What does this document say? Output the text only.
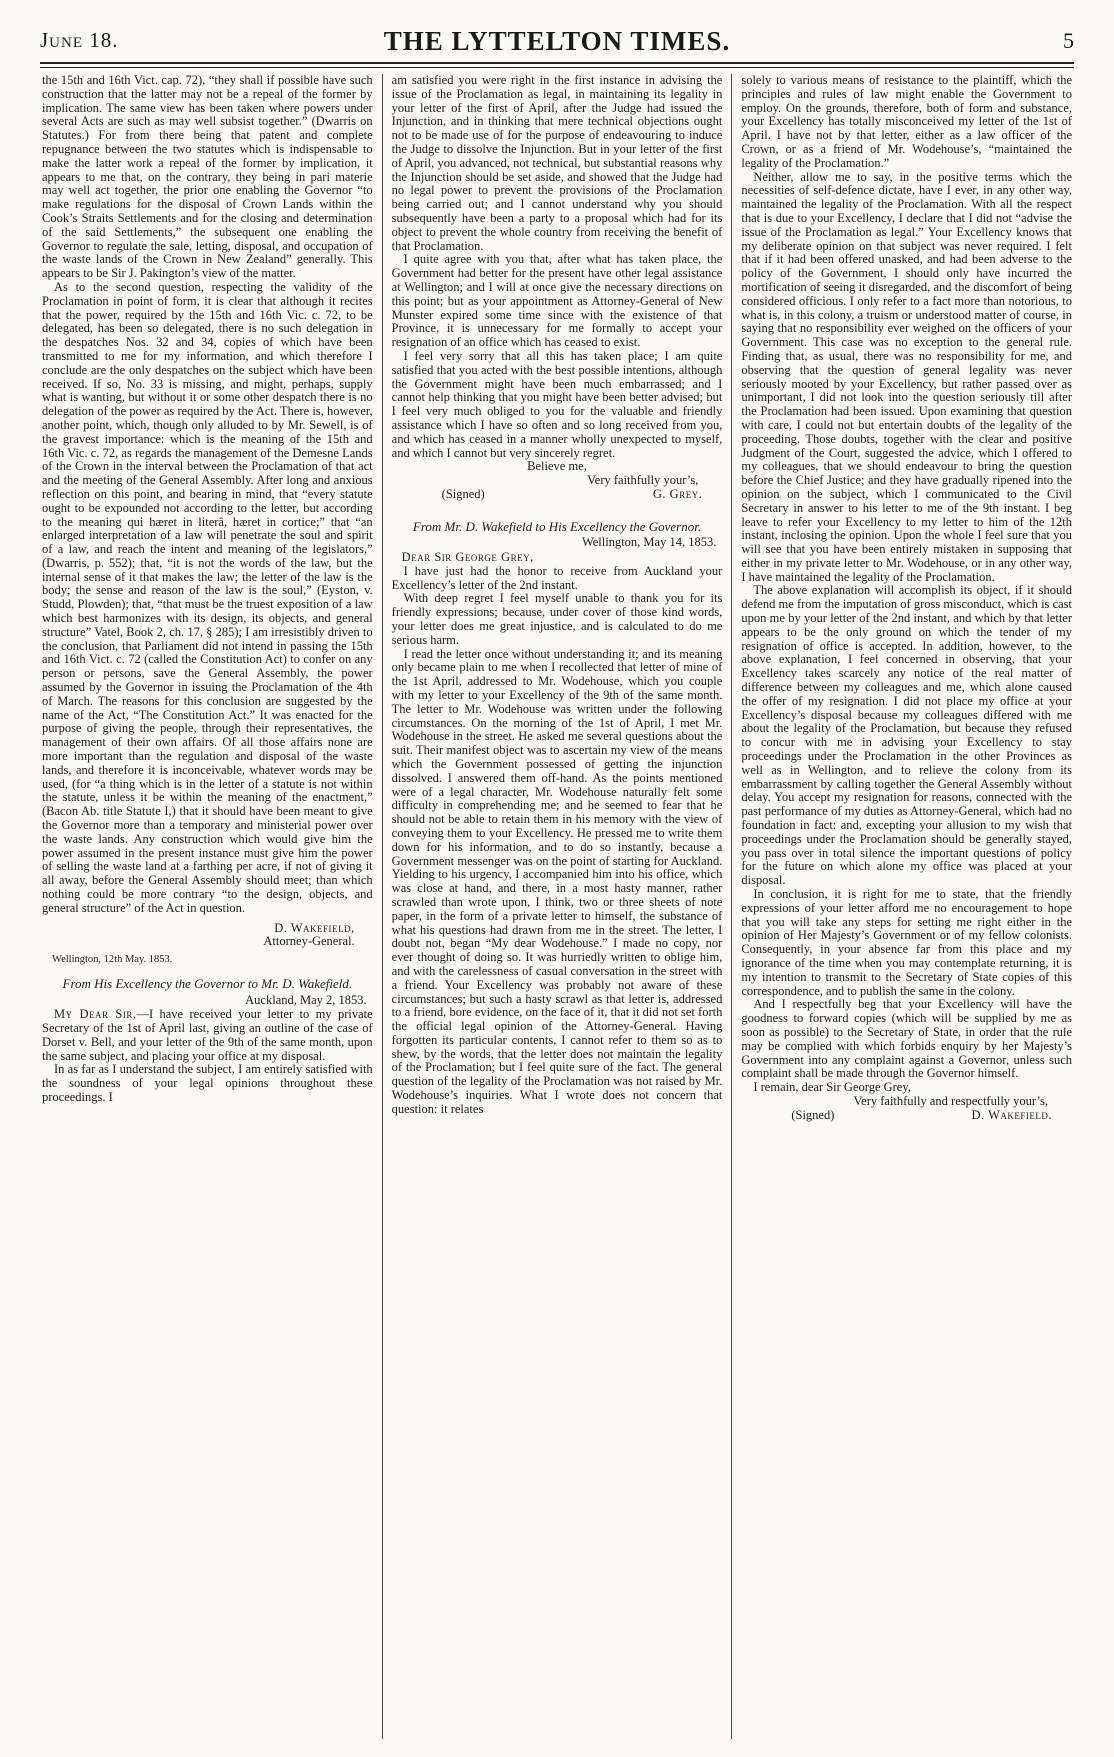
June 18.	THE LYTTELTON TIMES.	5

the 15th and 16th Vict. cap. 72), “they shall if possible have such construction that the latter may not be a repeal of the former by implication. The same view has been taken where powers under several Acts are such as may well subsist together.” (Dwarris on Statutes.) For from there being that patent and complete repugnance between the two statutes which is indispensable to make the latter work a repeal of the former by implication, it appears to me that, on the contrary, they being in pari materie may well act together, the prior one enabling the Governor “to make regulations for the disposal of Crown Lands within the Cook’s Straits Settlements and for the closing and determination of the said Settlements,” the subsequent one enabling the Governor to regulate the sale, letting, disposal, and occupation of the waste lands of the Crown in New Zealand” generally. This appears to be Sir J. Pakington’s view of the matter.

As to the second question, respecting the validity of the Proclamation in point of form, it is clear that although it recites that the power, required by the 15th and 16th Vic. c. 72, to be delegated, has been so delegated, there is no such delegation in the despatches Nos. 32 and 34, copies of which have been transmitted to me for my information, and which therefore I conclude are the only despatches on the subject which have been received. If so, No. 33 is missing, and might, perhaps, supply what is wanting, but without it or some other despatch there is no delegation of the power as required by the Act. There is, however, another point, which, though only alluded to by Mr. Sewell, is of the gravest importance: which is the meaning of the 15th and 16th Vic. c. 72, as regards the management of the Demesne Lands of the Crown in the interval between the Proclamation of that act and the meeting of the General Assembly. After long and anxious reflection on this point, and bearing in mind, that “every statute ought to be expounded not according to the letter, but according to the meaning qui hæret in literâ, hæret in cortice;” that “an enlarged interpretation of a law will penetrate the soul and spirit of a law, and reach the intent and meaning of the legislators,” (Dwarris, p. 552); that, “it is not the words of the law, but the internal sense of it that makes the law; the letter of the law is the body; the sense and reason of the law is the soul,” (Eyston, v. Studd, Plowden); that, “that must be the truest exposition of a law which best harmonizes with its design, its objects, and general structure” Vatel, Book 2, ch. 17, § 285); I am irresistibly driven to the conclusion, that Parliament did not intend in passing the 15th and 16th Vict. c. 72 (called the Constitution Act) to confer on any person or persons, save the General Assembly, the power assumed by the Governor in issuing the Proclamation of the 4th of March. The reasons for this conclusion are suggested by the name of the Act, “The Constitution Act.” It was enacted for the purpose of giving the people, through their representatives, the management of their own affairs. Of all those affairs none are more important than the regulation and disposal of the waste lands, and therefore it is inconceivable, whatever words may be used, (for “a thing which is in the letter of a statute is not within the statute, unless it be within the meaning of the enactment,” (Bacon Ab. title Statute I,) that it should have been meant to give the Governor more than a temporary and ministerial power over the waste lands. Any construction which would give him the power assumed in the present instance must give him the power of selling the waste land at a farthing per acre, if not of giving it all away, before the General Assembly should meet; than which nothing could be more contrary “to the design, objects, and general structure” of the Act in question.

D. Wakefield,

Attorney-General.

Wellington, 12th May. 1853.

From His Excellency the Governor to Mr. D. Wakefield.

Auckland, May 2, 1853.

My Dear Sir,—I have received your letter to my private Secretary of the 1st of April last, giving an outline of the case of Dorset v. Bell, and your letter of the 9th of the same month, upon the same subject, and placing your office at my disposal.

In as far as I understand the subject, I am entirely satisfied with the soundness of your legal opinions throughout these proceedings. I

am satisfied you were right in the first instance in advising the issue of the Proclamation as legal, in maintaining its legality in your letter of the first of April, after the Judge had issued the Injunction, and in thinking that mere technical objections ought not to be made use of for the purpose of endeavouring to induce the Judge to dissolve the Injunction. But in your letter of the first of April, you advanced, not technical, but substantial reasons why the Injunction should be set aside, and showed that the Judge had no legal power to prevent the provisions of the Proclamation being carried out; and I cannot understand why you should subsequently have been a party to a proposal which had for its object to prevent the whole country from receiving the benefit of that Proclamation.

I quite agree with you that, after what has taken place, the Government had better for the present have other legal assistance at Wellington; and I will at once give the necessary directions on this point; but as your appointment as Attorney-General of New Munster expired some time since with the existence of that Province, it is unnecessary for me formally to accept your resignation of an office which has ceased to exist.

I feel very sorry that all this has taken place; I am quite satisfied that you acted with the best possible intentions, although the Government might have been much embarrassed; and I cannot help thinking that you might have been better advised; but I feel very much obliged to you for the valuable and friendly assistance which I have so often and so long received from you, and which has ceased in a manner wholly unexpected to myself, and which I cannot but very sincerely regret.

Believe me,

Very faithfully your’s,

(Signed)	G. Grey.

From Mr. D. Wakefield to His Excellency the Governor.

Wellington, May 14, 1853.

Dear Sir George Grey,

I have just had the honor to receive from Auckland your Excellency’s letter of the 2nd instant.

With deep regret I feel myself unable to thank you for its friendly expressions; because, under cover of those kind words, your letter does me great injustice, and is calculated to do me serious harm.

I read the letter once without understanding it; and its meaning only became plain to me when I recollected that letter of mine of the 1st April, addressed to Mr. Wodehouse, which you couple with my letter to your Excellency of the 9th of the same month. The letter to Mr. Wodehouse was written under the following circumstances. On the morning of the 1st of April, I met Mr. Wodehouse in the street. He asked me several questions about the suit. Their manifest object was to ascertain my view of the means which the Government possessed of getting the injunction dissolved. I answered them off-hand. As the points mentioned were of a legal character, Mr. Wodehouse naturally felt some difficulty in comprehending me; and he seemed to fear that he should not be able to retain them in his memory with the view of conveying them to your Excellency. He pressed me to write them down for his information, and to do so instantly, because a Government messenger was on the point of starting for Auckland. Yielding to his urgency, I accompanied him into his office, which was close at hand, and there, in a most hasty manner, rather scrawled than wrote upon, I think, two or three sheets of note paper, in the form of a private letter to himself, the substance of what his questions had drawn from me in the street. The letter, I doubt not, began “My dear Wodehouse.” I made no copy, nor ever thought of doing so. It was hurriedly written to oblige him, and with the carelessness of casual conversation in the street with a friend. Your Excellency was probably not aware of these circumstances; but such a hasty scrawl as that letter is, addressed to a friend, bore evidence, on the face of it, that it did not set forth the official legal opinion of the Attorney-General. Having forgotten its particular contents, I cannot refer to them so as to shew, by the words, that the letter does not maintain the legality of the Proclamation; but I feel quite sure of the fact. The general question of the legality of the Proclamation was not raised by Mr. Wodehouse’s inquiries. What I wrote does not concern that question: it relates

solely to various means of resistance to the plaintiff, which the principles and rules of law might enable the Government to employ. On the grounds, therefore, both of form and substance, your Excellency has totally misconceived my letter of the 1st of April. I have not by that letter, either as a law officer of the Crown, or as a friend of Mr. Wodehouse’s, “maintained the legality of the Proclamation.”

Neither, allow me to say, in the positive terms which the necessities of self-defence dictate, have I ever, in any other way, maintained the legality of the Proclamation. With all the respect that is due to your Excellency, I declare that I did not “advise the issue of the Proclamation as legal.” Your Excellency knows that my deliberate opinion on that subject was never required. I felt that if it had been offered unasked, and had been adverse to the policy of the Government, I should only have incurred the mortification of seeing it disregarded, and the discomfort of being considered officious. I only refer to a fact more than notorious, to what is, in this colony, a truism or understood matter of course, in saying that no responsibility ever weighed on the officers of your Government. This case was no exception to the general rule. Finding that, as usual, there was no responsibility for me, and observing that the question of general legality was never seriously mooted by your Excellency, but rather passed over as unimportant, I did not look into the question seriously till after the Proclamation had been issued. Upon examining that question with care, I could not but entertain doubts of the legality of the proceeding. Those doubts, together with the clear and positive Judgment of the Court, suggested the advice, which I offered to my colleagues, that we should endeavour to bring the question before the Chief Justice; and they have gradually ripened into the opinion on the subject, which I communicated to the Civil Secretary in answer to his letter to me of the 9th instant. I beg leave to refer your Excellency to my letter to him of the 12th instant, inclosing the opinion. Upon the whole I feel sure that you will see that you have been entirely mistaken in supposing that either in my private letter to Mr. Wodehouse, or in any other way, I have maintained the legality of the Proclamation.

The above explanation will accomplish its object, if it should defend me from the imputation of gross misconduct, which is cast upon me by your letter of the 2nd instant, and which by that letter appears to be the only ground on which the tender of my resignation of office is accepted. In addition, however, to the above explanation, I feel concerned in observing, that your Excellency takes scarcely any notice of the real matter of difference between my colleagues and me, which alone caused the offer of my resignation. I did not place my office at your Excellency’s disposal because my colleagues differed with me about the legality of the Proclamation, but because they refused to concur with me in advising your Excellency to stay proceedings under the Proclamation in the other Provinces as well as in Wellington, and to relieve the colony from its embarrassment by calling together the General Assembly without delay. You accept my resignation for reasons, connected with the past performance of my duties as Attorney-General, which had no foundation in fact: and, excepting your allusion to my wish that proceedings under the Proclamation should be generally stayed, you pass over in total silence the important questions of policy for the future on which alone my office was placed at your disposal.

In conclusion, it is right for me to state, that the friendly expressions of your letter afford me no encouragement to hope that you will take any steps for setting me right either in the opinion of Her Majesty’s Government or of my fellow colonists. Consequently, in your absence far from this place and my ignorance of the time when you may contemplate returning, it is my intention to transmit to the Secretary of State copies of this correspondence, and to publish the same in the colony.

And I respectfully beg that your Excellency will have the goodness to forward copies (which will be supplied by me as soon as possible) to the Secretary of State, in order that the rule may be complied with which forbids enquiry by her Majesty’s Government into any complaint against a Governor, unless such complaint shall be made through the Governor himself.

I remain, dear Sir George Grey,

Very faithfully and respectfully your’s,

(Signed)	D. Wakefield.
